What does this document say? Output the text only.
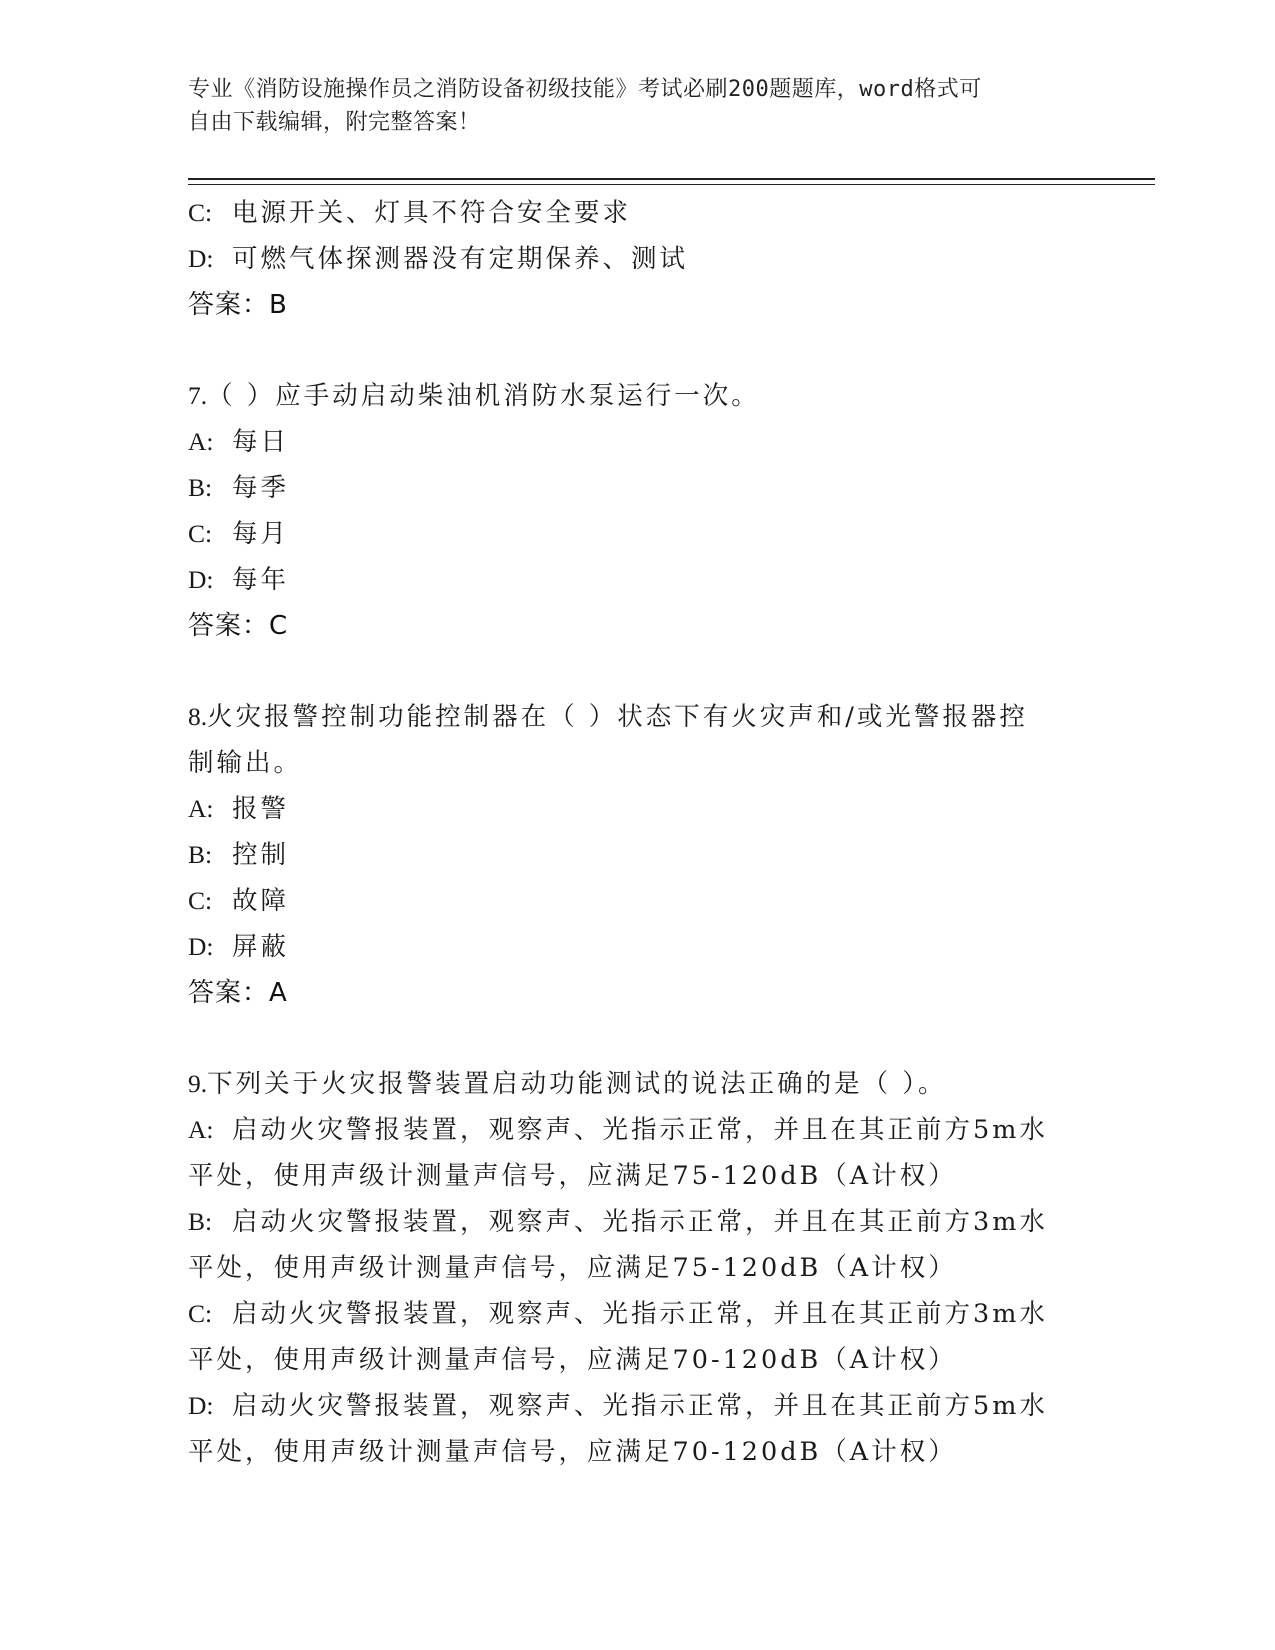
专业《消防设施操作员之消防设备初级技能》考试必刷200题题库，word格式可
自由下载编辑，附完整答案！
C: 电源开关、灯具不符合安全要求
D: 可燃气体探测器没有定期保养、测试
答案：B
7.（ ）应手动启动柴油机消防水泵运行一次。
A: 每日
B: 每季
C: 每月
D: 每年
答案：C
8.火灾报警控制功能控制器在（ ）状态下有火灾声和/或光警报器控
制输出。
A: 报警
B: 控制
C: 故障
D: 屏蔽
答案：A
9.下列关于火灾报警装置启动功能测试的说法正确的是（ ）。
A: 启动火灾警报装置，观察声、光指示正常，并且在其正前方5m水
平处，使用声级计测量声信号，应满足75-120dB（A计权）
B: 启动火灾警报装置，观察声、光指示正常，并且在其正前方3m水
平处，使用声级计测量声信号，应满足75-120dB（A计权）
C: 启动火灾警报装置，观察声、光指示正常，并且在其正前方3m水
平处，使用声级计测量声信号，应满足70-120dB（A计权）
D: 启动火灾警报装置，观察声、光指示正常，并且在其正前方5m水
平处，使用声级计测量声信号，应满足70-120dB（A计权）
